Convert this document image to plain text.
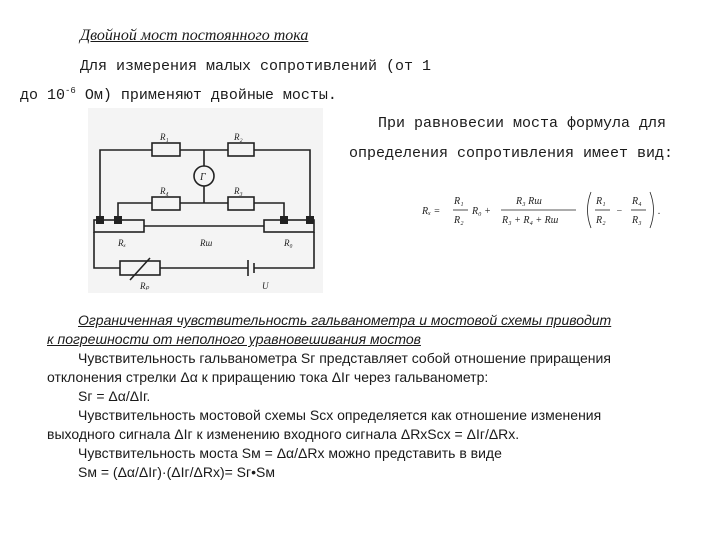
Двойной мост постоянного тока
Для измерения малых сопротивлений (от 1
до $10^{-6}$ Ом) применяют двойные мосты.
При равновесии моста формула для
определения сопротивления имеет вид:
R₁	R₂
Г
R₄	R₃
Rₓ	Rш	R₀
Rₚ	U
Rₓ =
R₁
R₂
R₀ +
R₃ Rш
R₃ + R₄ + Rш
R₁
R₂
−
R₄
R₃
.
Ограниченная чувствительность гальванометра и мостовой схемы приводит
к погрешности от неполного уравновешивания мостов
Чувствительность гальванометра Sг представляет собой отношение приращения
отклонения стрелки Δα к приращению тока ΔIг через гальванометр:
Sг = Δα/ΔIг.
Чувствительность мостовой схемы Sсх определяется как отношение изменения
выходного сигнала ΔIг к изменению входного сигнала ΔRхSсх = ΔIг/ΔRх.
Чувствительность моста Sм = Δα/ΔRх можно представить в виде
Sм = (Δα/ΔIг)·(ΔIг/ΔRх)= Sг•Sм
